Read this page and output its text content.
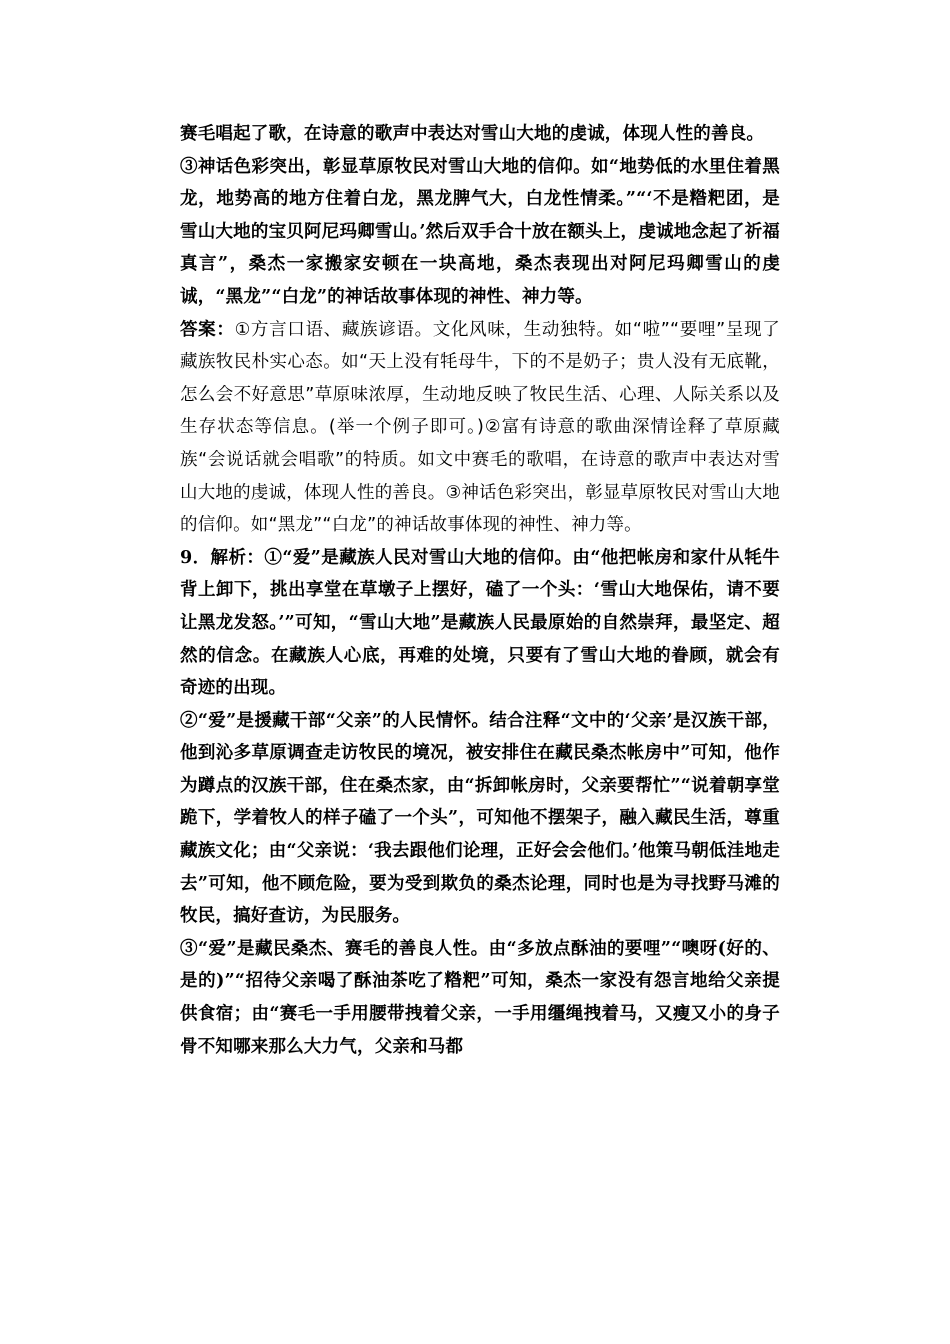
赛毛唱起了歌，在诗意的歌声中表达对雪山大地的虔诚，体现人性的善良。

③神话色彩突出，彰显草原牧民对雪山大地的信仰。如“地势低的水里住着黑龙，地势高的地方住着白龙，黑龙脾气大，白龙性情柔。”“‘不是糌粑团，是雪山大地的宝贝阿尼玛卿雪山。’然后双手合十放在额头上，虔诚地念起了祈福真言”，桑杰一家搬家安顿在一块高地，桑杰表现出对阿尼玛卿雪山的虔诚，“黑龙”“白龙”的神话故事体现的神性、神力等。

答案：①方言口语、藏族谚语。文化风味，生动独特。如“啦”“要哩”呈现了藏族牧民朴实心态。如“天上没有牦母牛，下的不是奶子；贵人没有无底靴，怎么会不好意思”草原味浓厚，生动地反映了牧民生活、心理、人际关系以及生存状态等信息。(举一个例子即可。)②富有诗意的歌曲深情诠释了草原藏族“会说话就会唱歌”的特质。如文中赛毛的歌唱，在诗意的歌声中表达对雪山大地的虔诚，体现人性的善良。③神话色彩突出，彰显草原牧民对雪山大地的信仰。如“黑龙”“白龙”的神话故事体现的神性、神力等。

9．解析：①“爱”是藏族人民对雪山大地的信仰。由“他把帐房和家什从牦牛背上卸下，挑出享堂在草墩子上摆好，磕了一个头：‘雪山大地保佑，请不要让黑龙发怒。’”可知，“雪山大地”是藏族人民最原始的自然崇拜，最坚定、超然的信念。在藏族人心底，再难的处境，只要有了雪山大地的眷顾，就会有奇迹的出现。

②“爱”是援藏干部“父亲”的人民情怀。结合注释“文中的‘父亲’是汉族干部，他到沁多草原调查走访牧民的境况，被安排住在藏民桑杰帐房中”可知，他作为蹲点的汉族干部，住在桑杰家，由“拆卸帐房时，父亲要帮忙”“说着朝享堂跪下，学着牧人的样子磕了一个头”，可知他不摆架子，融入藏民生活，尊重藏族文化；由“父亲说：‘我去跟他们论理，正好会会他们。’他策马朝低洼地走去”可知，他不顾危险，要为受到欺负的桑杰论理，同时也是为寻找野马滩的牧民，搞好查访，为民服务。

③“爱”是藏民桑杰、赛毛的善良人性。由“多放点酥油的要哩”“噢呀(好的、是的)”“招待父亲喝了酥油茶吃了糌粑”可知，桑杰一家没有怨言地给父亲提供食宿；由“赛毛一手用腰带拽着父亲，一手用缰绳拽着马，又瘦又小的身子骨不知哪来那么大力气，父亲和马都
